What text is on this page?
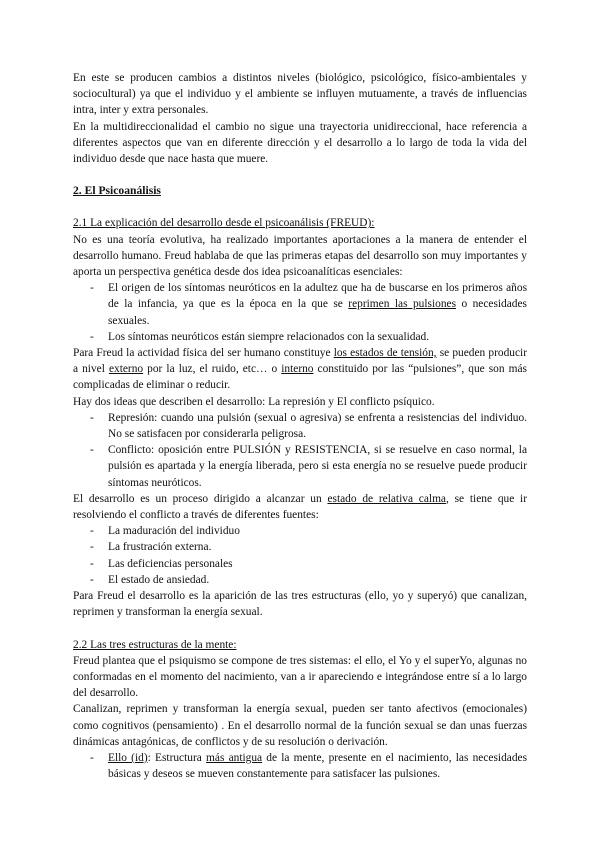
En este se producen cambios a distintos niveles (biológico, psicológico, físico-ambientales y sociocultural) ya que el individuo y el ambiente se influyen mutuamente, a través de influencias intra, inter y extra personales.

En la multidireccionalidad el cambio no sigue una trayectoria unidireccional, hace referencia a diferentes aspectos que van en diferente dirección y el desarrollo a lo largo de toda la vida del individuo desde que nace hasta que muere.

2. El Psicoanálisis

2.1 La explicación del desarrollo desde el psicoanálisis (FREUD):

No es una teoría evolutiva, ha realizado importantes aportaciones a la manera de entender el desarrollo humano. Freud hablaba de que las primeras etapas del desarrollo son muy importantes y aporta un perspectiva genética desde dos idea psicoanalíticas esenciales:

- El origen de los síntomas neuróticos en la adultez que ha de buscarse en los primeros años de la infancia, ya que es la época en la que se reprimen las pulsiones o necesidades sexuales.
- Los síntomas neuróticos están siempre relacionados con la sexualidad.

Para Freud la actividad física del ser humano constituye los estados de tensión, se pueden producir a nivel externo por la luz, el ruido, etc… o interno constituido por las “pulsiones”, que son más complicadas de eliminar o reducir.

Hay dos ideas que describen el desarrollo: La represión y El conflicto psíquico.

- Represión: cuando una pulsión (sexual o agresiva) se enfrenta a resistencias del individuo. No se satisfacen por considerarla peligrosa.
- Conflicto: oposición entre PULSIÓN y RESISTENCIA, si se resuelve en caso normal, la pulsión es apartada y la energía liberada, pero si esta energía no se resuelve puede producir síntomas neuróticos.

El desarrollo es un proceso dirigido a alcanzar un estado de relativa calma, se tiene que ir resolviendo el conflicto a través de diferentes fuentes:

- La maduración del individuo
- La frustración externa.
- Las deficiencias personales
- El estado de ansiedad.

Para Freud el desarrollo es la aparición de las tres estructuras (ello, yo y superyó) que canalizan, reprimen y transforman la energía sexual.

2.2 Las tres estructuras de la mente:

Freud plantea que el psiquismo se compone de tres sistemas: el ello, el Yo y el superYo, algunas no conformadas en el momento del nacimiento, van a ir apareciendo e integrándose entre sí a lo largo del desarrollo.

Canalizan, reprimen y transforman la energía sexual, pueden ser tanto afectivos (emocionales) como cognitivos (pensamiento) . En el desarrollo normal de la función sexual se dan unas fuerzas dinámicas antagónicas, de conflictos y de su resolución o derivación.

- Ello (id): Estructura más antigua de la mente, presente en el nacimiento, las necesidades básicas y deseos se mueven constantemente para satisfacer las pulsiones.
